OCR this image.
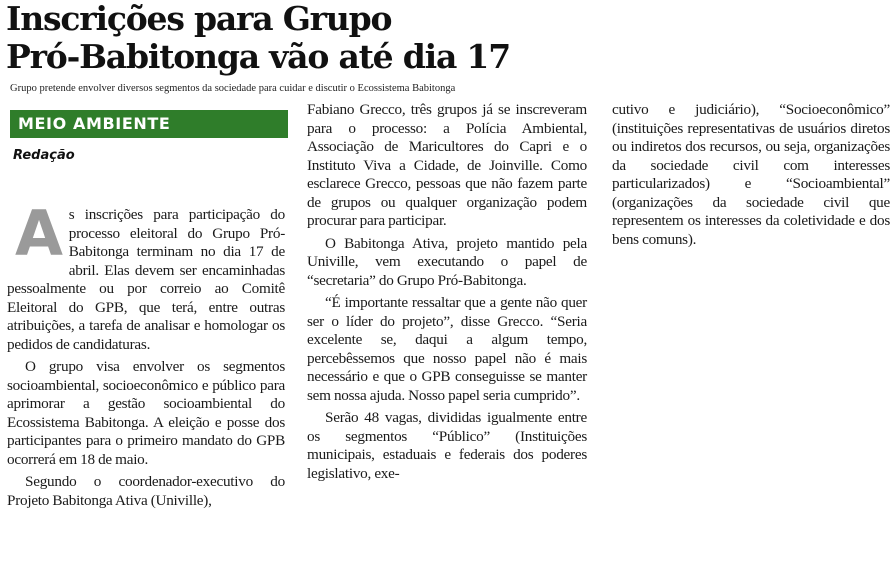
Inscrições para Grupo
Pró-Babitonga vão até dia 17
Grupo pretende envolver diversos segmentos da sociedade para cuidar e discutir o Ecossistema Babitonga
MEIO AMBIENTE
Redação

As inscrições para participação do processo eleitoral do Grupo Pró-Babitonga terminam no dia 17 de abril. Elas devem ser encaminhadas pessoalmente ou por correio ao Comitê Eleitoral do GPB, que terá, entre outras atribuições, a tarefa de analisar e homologar os pedidos de candidaturas.

O grupo visa envolver os segmentos socioambiental, socioeconômico e público para aprimorar a gestão socioambiental do Ecossistema Babitonga. A eleição e posse dos participantes para o primeiro mandato do GPB ocorrerá em 18 de maio.

Segundo o coordenador-executivo do Projeto Babitonga Ativa (Univille),

Fabiano Grecco, três grupos já se inscreveram para o processo: a Polícia Ambiental, Associação de Maricultores do Capri e o Instituto Viva a Cidade, de Joinville. Como esclarece Grecco, pessoas que não fazem parte de grupos ou qualquer organização podem procurar para participar.

O Babitonga Ativa, projeto mantido pela Univille, vem executando o papel de “secretaria” do Grupo Pró-Babitonga.

“É importante ressaltar que a gente não quer ser o líder do projeto”, disse Grecco. “Seria excelente se, daqui a algum tempo, percebêssemos que nosso papel não é mais necessário e que o GPB conseguisse se manter sem nossa ajuda. Nosso papel seria cumprido”.

Serão 48 vagas, divididas igualmente entre os segmentos “Público” (Instituições municipais, estaduais e federais dos poderes legislativo, exe-

cutivo e judiciário), “Socioeconômico” (instituições representativas de usuários diretos ou indiretos dos recursos, ou seja, organizações da sociedade civil com interesses particularizados) e “Socioambiental” (organizações da sociedade civil que representem os interesses da coletividade e dos bens comuns).
